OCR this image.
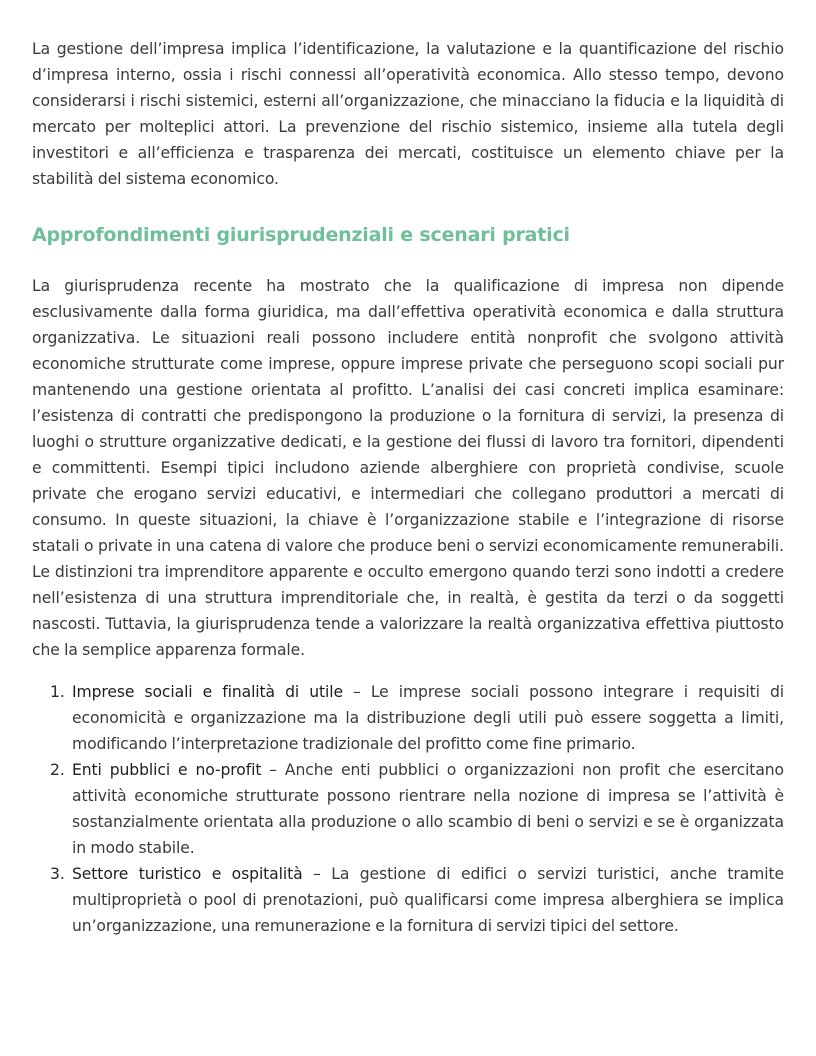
La gestione dell’impresa implica l’identificazione, la valutazione e la quantificazione del rischio d’impresa interno, ossia i rischi connessi all’operatività economica. Allo stesso tempo, devono considerarsi i rischi sistemici, esterni all’organizzazione, che minacciano la fiducia e la liquidità di mercato per molteplici attori. La prevenzione del rischio sistemico, insieme alla tutela degli investitori e all’efficienza e trasparenza dei mercati, costituisce un elemento chiave per la stabilità del sistema economico.

Approfondimenti giurisprudenziali e scenari pratici

La giurisprudenza recente ha mostrato che la qualificazione di impresa non dipende esclusivamente dalla forma giuridica, ma dall’effettiva operatività economica e dalla struttura organizzativa. Le situazioni reali possono includere entità nonprofit che svolgono attività economiche strutturate come imprese, oppure imprese private che perseguono scopi sociali pur mantenendo una gestione orientata al profitto. L’analisi dei casi concreti implica esaminare: l’esistenza di contratti che predispongono la produzione o la fornitura di servizi, la presenza di luoghi o strutture organizzative dedicati, e la gestione dei flussi di lavoro tra fornitori, dipendenti e committenti. Esempi tipici includono aziende alberghiere con proprietà condivise, scuole private che erogano servizi educativi, e intermediari che collegano produttori a mercati di consumo. In queste situazioni, la chiave è l’organizzazione stabile e l’integrazione di risorse statali o private in una catena di valore che produce beni o servizi economicamente remunerabili. Le distinzioni tra imprenditore apparente e occulto emergono quando terzi sono indotti a credere nell’esistenza di una struttura imprenditoriale che, in realtà, è gestita da terzi o da soggetti nascosti. Tuttavia, la giurisprudenza tende a valorizzare la realtà organizzativa effettiva piuttosto che la semplice apparenza formale.

1. Imprese sociali e finalità di utile – Le imprese sociali possono integrare i requisiti di economicità e organizzazione ma la distribuzione degli utili può essere soggetta a limiti, modificando l’interpretazione tradizionale del profitto come fine primario.
2. Enti pubblici e no-profit – Anche enti pubblici o organizzazioni non profit che esercitano attività economiche strutturate possono rientrare nella nozione di impresa se l’attività è sostanzialmente orientata alla produzione o allo scambio di beni o servizi e se è organizzata in modo stabile.
3. Settore turistico e ospitalità – La gestione di edifici o servizi turistici, anche tramite multiproprietà o pool di prenotazioni, può qualificarsi come impresa alberghiera se implica un’organizzazione, una remunerazione e la fornitura di servizi tipici del settore.
